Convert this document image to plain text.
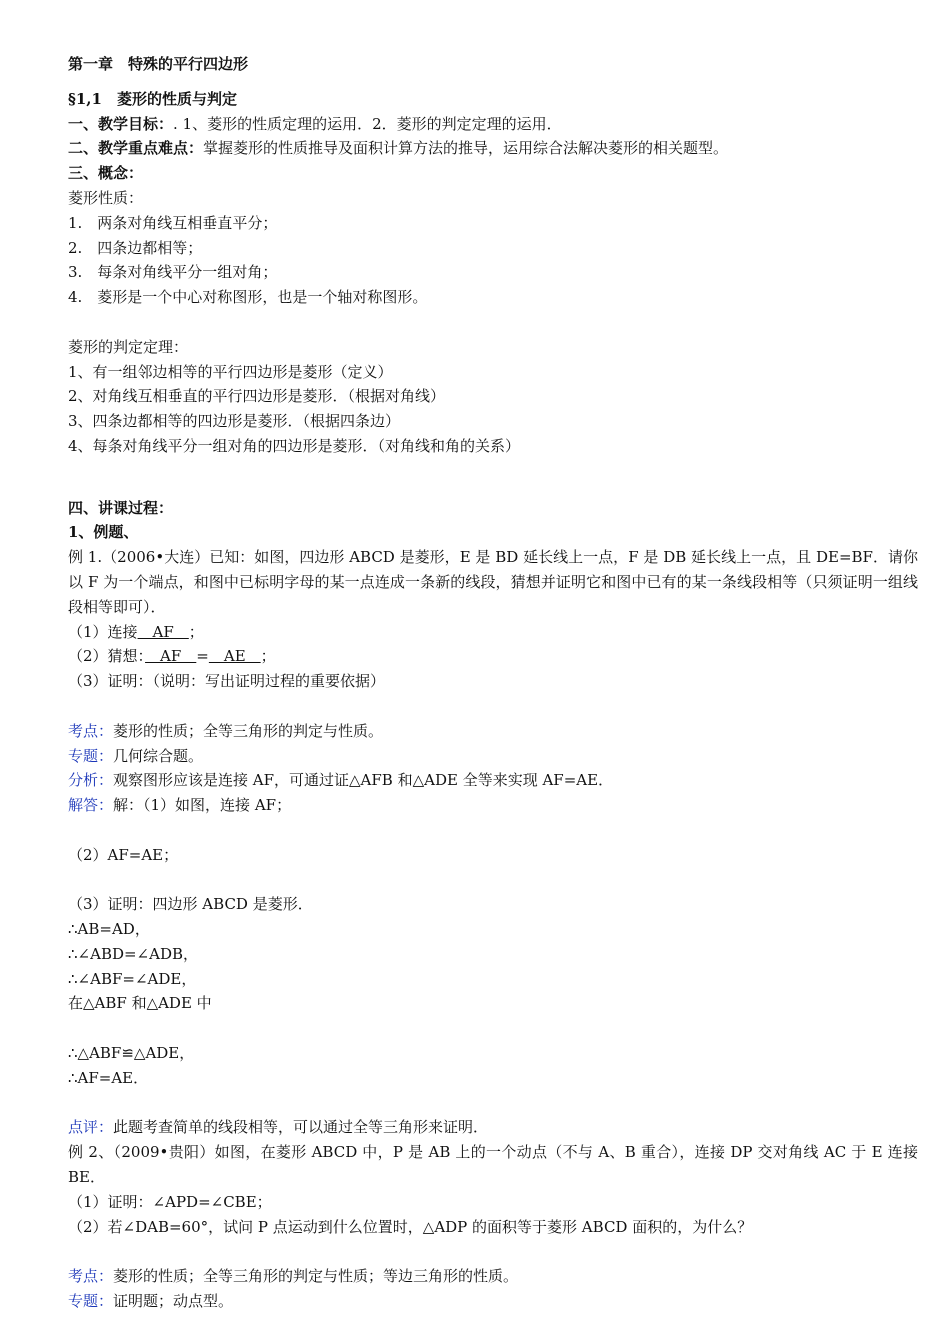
第一章　特殊的平行四边形
§1,1　菱形的性质与判定
一、教学目标：. 1、菱形的性质定理的运用．2．菱形的判定定理的运用．
二、教学重点难点：掌握菱形的性质推导及面积计算方法的推导，运用综合法解决菱形的相关题型。
三、概念：
菱形性质：
1.　两条对角线互相垂直平分；
2.　四条边都相等；
3.　每条对角线平分一组对角；
4.　菱形是一个中心对称图形，也是一个轴对称图形。
菱形的判定定理：
1、有一组邻边相等的平行四边形是菱形（定义）
2、对角线互相垂直的平行四边形是菱形．（根据对角线）
3、四条边都相等的四边形是菱形．（根据四条边）
4、每条对角线平分一组对角的四边形是菱形．（对角线和角的关系）
四、讲课过程：
1、例题、
例 1.（2006•大连）已知：如图，四边形 ABCD 是菱形，E 是 BD 延长线上一点，F 是 DB 延长线上一点，且 DE=BF．请你以 F 为一个端点，和图中已标明字母的某一点连成一条新的线段，猜想并证明它和图中已有的某一条线段相等（只须证明一组线段相等即可）．
（1）连接　AF　；
（2）猜想：　AF　=　AE　；
（3）证明：（说明：写出证明过程的重要依据）
考点：菱形的性质；全等三角形的判定与性质。
专题：几何综合题。
分析：观察图形应该是连接 AF，可通过证△AFB 和△ADE 全等来实现 AF=AE．
解答：解：（1）如图，连接 AF；
（2）AF=AE；
（3）证明：四边形 ABCD 是菱形．
∴AB=AD，
∴∠ABD=∠ADB，
∴∠ABF=∠ADE，
在△ABF 和△ADE 中
∴△ABF≌△ADE，
∴AF=AE．
点评：此题考查简单的线段相等，可以通过全等三角形来证明．
例 2、（2009•贵阳）如图，在菱形 ABCD 中，P 是 AB 上的一个动点（不与 A、B 重合），连接 DP 交对角线 AC 于 E 连接 BE．
（1）证明：∠APD=∠CBE；
（2）若∠DAB=60°，试问 P 点运动到什么位置时，△ADP 的面积等于菱形 ABCD 面积的，为什么？
考点：菱形的性质；全等三角形的判定与性质；等边三角形的性质。
专题：证明题；动点型。
